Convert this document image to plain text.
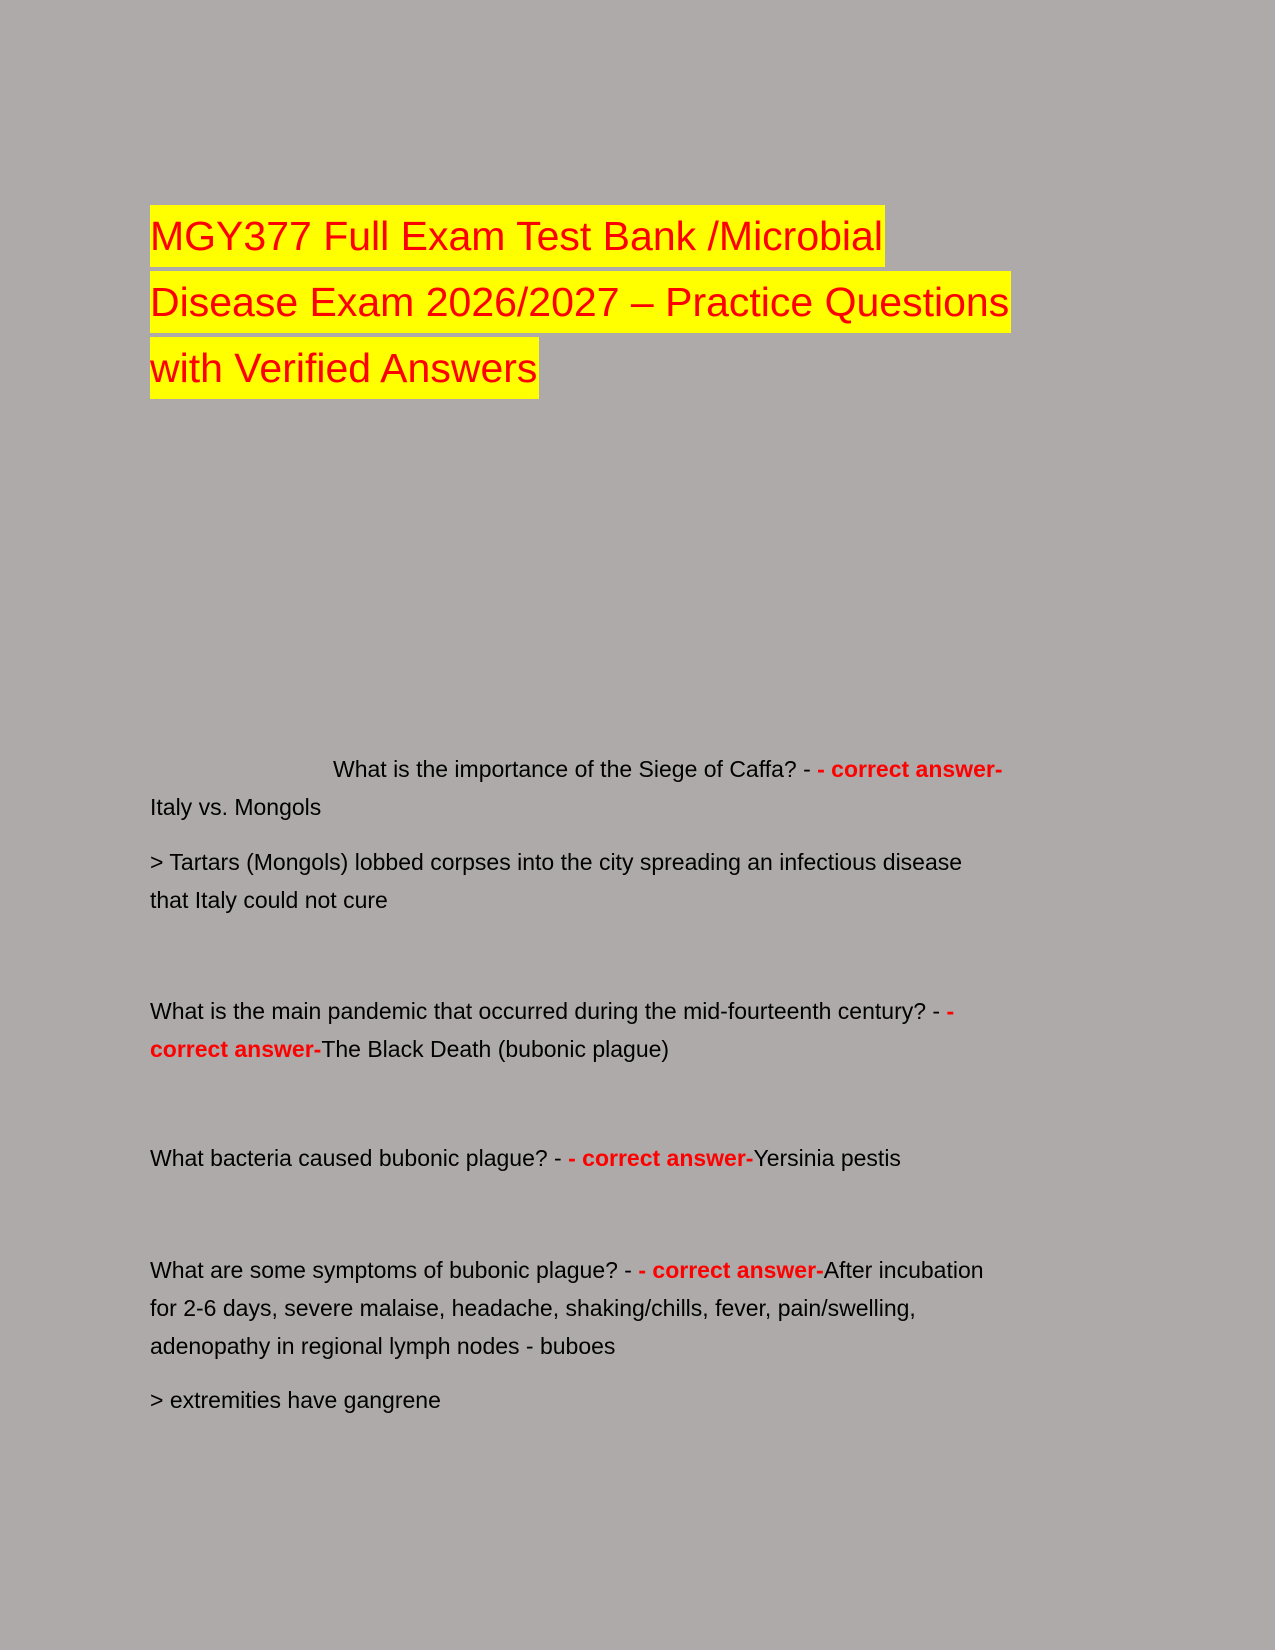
MGY377 Full Exam Test Bank /Microbial
Disease Exam 2026/2027 – Practice Questions
with Verified Answers
What is the importance of the Siege of Caffa? - - correct answer-
Italy vs. Mongols
> Tartars (Mongols) lobbed corpses into the city spreading an infectious disease
that Italy could not cure
What is the main pandemic that occurred during the mid-fourteenth century? - -
correct answer-The Black Death (bubonic plague)
What bacteria caused bubonic plague? - - correct answer-Yersinia pestis
What are some symptoms of bubonic plague? - - correct answer-After incubation
for 2-6 days, severe malaise, headache, shaking/chills, fever, pain/swelling,
adenopathy in regional lymph nodes - buboes
> extremities have gangrene
